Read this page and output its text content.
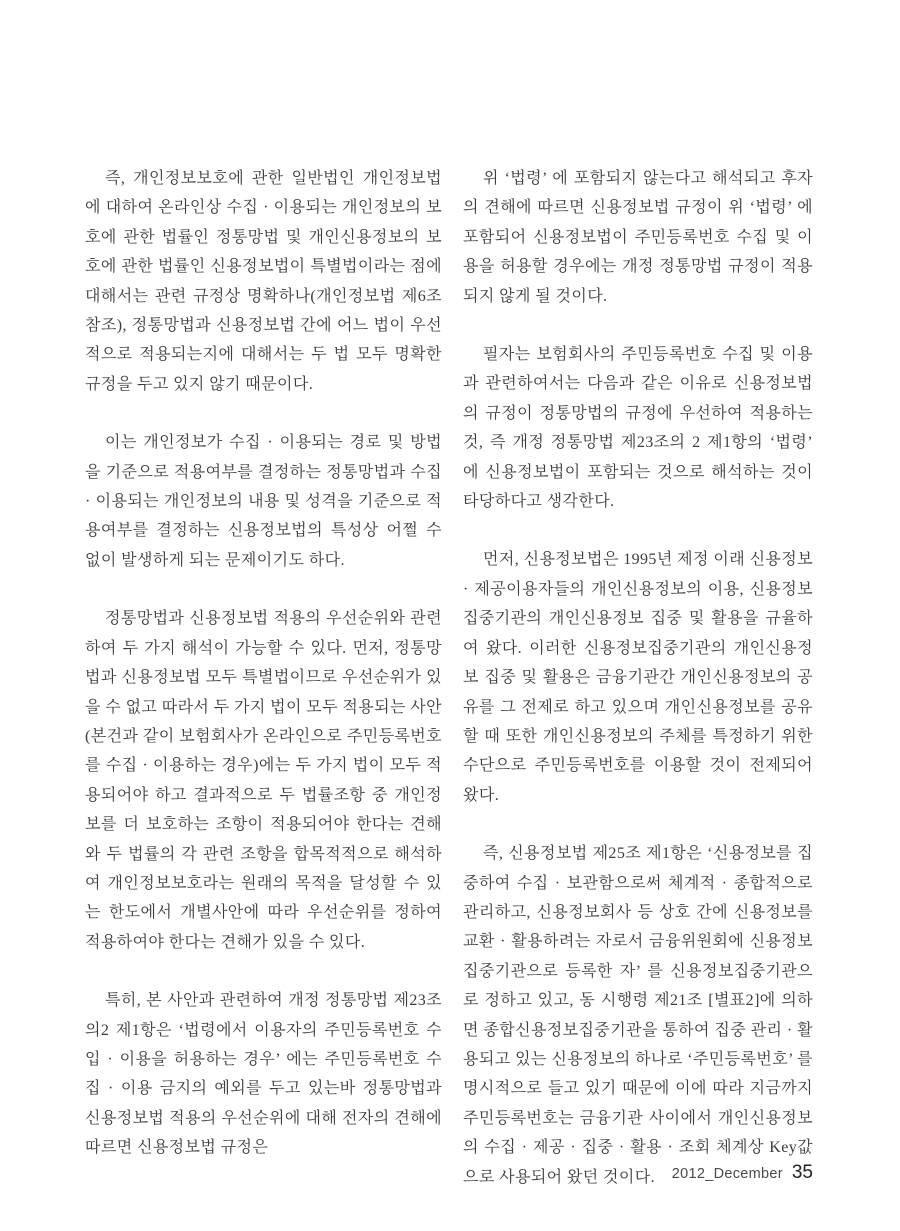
즉, 개인정보보호에 관한 일반법인 개인정보법에 대하여 온라인상 수집 · 이용되는 개인정보의 보호에 관한 법률인 정통망법 및 개인신용정보의 보호에 관한 법률인 신용정보법이 특별법이라는 점에 대해서는 관련 규정상 명확하나(개인정보법 제6조 참조), 정통망법과 신용정보법 간에 어느 법이 우선적으로 적용되는지에 대해서는 두 법 모두 명확한 규정을 두고 있지 않기 때문이다.

이는 개인정보가 수집 · 이용되는 경로 및 방법을 기준으로 적용여부를 결정하는 정통망법과 수집 · 이용되는 개인정보의 내용 및 성격을 기준으로 적용여부를 결정하는 신용정보법의 특성상 어쩔 수 없이 발생하게 되는 문제이기도 하다.

정통망법과 신용정보법 적용의 우선순위와 관련하여 두 가지 해석이 가능할 수 있다. 먼저, 정통망법과 신용정보법 모두 특별법이므로 우선순위가 있을 수 없고 따라서 두 가지 법이 모두 적용되는 사안(본건과 같이 보험회사가 온라인으로 주민등록번호를 수집 · 이용하는 경우)에는 두 가지 법이 모두 적용되어야 하고 결과적으로 두 법률조항 중 개인정보를 더 보호하는 조항이 적용되어야 한다는 견해와 두 법률의 각 관련 조항을 합목적적으로 해석하여 개인정보보호라는 원래의 목적을 달성할 수 있는 한도에서 개별사안에 따라 우선순위를 정하여 적용하여야 한다는 견해가 있을 수 있다.

특히, 본 사안과 관련하여 개정 정통망법 제23조의2 제1항은 ‘법령에서 이용자의 주민등록번호 수입 · 이용을 허용하는 경우’ 에는 주민등록번호 수집 · 이용 금지의 예외를 두고 있는바 정통망법과 신용정보법 적용의 우선순위에 대해 전자의 견해에 따르면 신용정보법 규정은

위 ‘법령’ 에 포함되지 않는다고 해석되고 후자의 견해에 따르면 신용정보법 규정이 위 ‘법령’ 에 포함되어 신용정보법이 주민등록번호 수집 및 이용을 허용할 경우에는 개정 정통망법 규정이 적용되지 않게 될 것이다.

필자는 보험회사의 주민등록번호 수집 및 이용과 관련하여서는 다음과 같은 이유로 신용정보법의 규정이 정통망법의 규정에 우선하여 적용하는 것, 즉 개정 정통망법 제23조의 2 제1항의 ‘법령’ 에 신용정보법이 포함되는 것으로 해석하는 것이 타당하다고 생각한다.

먼저, 신용정보법은 1995년 제정 이래 신용정보 · 제공이용자들의 개인신용정보의 이용, 신용정보집중기관의 개인신용정보 집중 및 활용을 규율하여 왔다. 이러한 신용정보집중기관의 개인신용정보 집중 및 활용은 금융기관간 개인신용정보의 공유를 그 전제로 하고 있으며 개인신용정보를 공유할 때 또한 개인신용정보의 주체를 특정하기 위한 수단으로 주민등록번호를 이용할 것이 전제되어 왔다.

즉, 신용정보법 제25조 제1항은 ‘신용정보를 집중하여 수집 · 보관함으로써 체계적 · 종합적으로 관리하고, 신용정보회사 등 상호 간에 신용정보를 교환 · 활용하려는 자로서 금융위원회에 신용정보집중기관으로 등록한 자’ 를 신용정보집중기관으로 정하고 있고, 동 시행령 제21조 [별표2]에 의하면 종합신용정보집중기관을 통하여 집중 관리 · 활용되고 있는 신용정보의 하나로 ‘주민등록번호’ 를 명시적으로 들고 있기 때문에 이에 따라 지금까지 주민등록번호는 금융기관 사이에서 개인신용정보의 수집 · 제공 · 집중 · 활용 · 조회 체계상 Key값으로 사용되어 왔던 것이다.	2012_December 35
